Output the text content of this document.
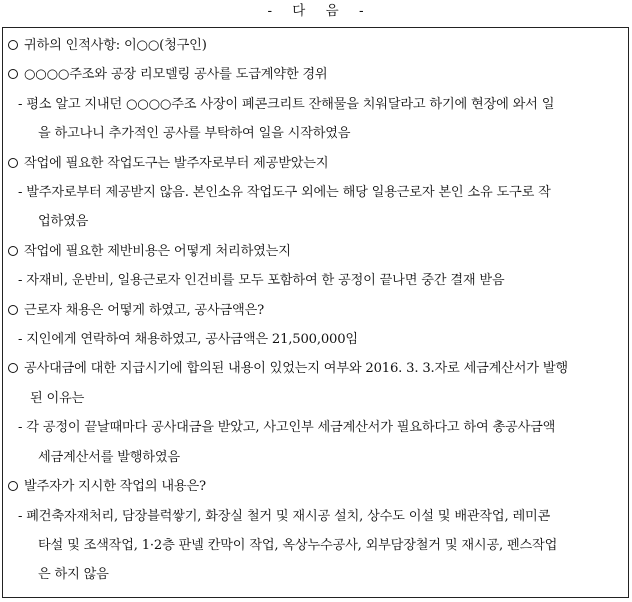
- 다 음 -
귀하의 인적사항: 이○○(청구인)
○○○○주조와 공장 리모델링 공사를 도급계약한 경위
- 평소 알고 지내던 ○○○○주조 사장이 폐콘크리트 잔해물을 치워달라고 하기에 현장에 와서 일
을 하고나니 추가적인 공사를 부탁하여 일을 시작하였음
작업에 필요한 작업도구는 발주자로부터 제공받았는지
- 발주자로부터 제공받지 않음. 본인소유 작업도구 외에는 해당 일용근로자 본인 소유 도구로 작
업하였음
작업에 필요한 제반비용은 어떻게 처리하였는지
- 자재비, 운반비, 일용근로자 인건비를 모두 포함하여 한 공정이 끝나면 중간 결재 받음
근로자 채용은 어떻게 하였고, 공사금액은?
- 지인에게 연락하여 채용하였고, 공사금액은 21,500,000임
공사대금에 대한 지급시기에 합의된 내용이 있었는지 여부와 2016. 3. 3.자로 세금계산서가 발행
된 이유는
- 각 공정이 끝날때마다 공사대금을 받았고, 사고인부 세금계산서가 필요하다고 하여 총공사금액
세금계산서를 발행하였음
발주자가 지시한 작업의 내용은?
- 폐건축자재처리, 담장블럭쌓기, 화장실 철거 및 재시공 설치, 상수도 이설 및 배관작업, 레미콘
타설 및 조색작업, 1·2층 판넬 칸막이 작업, 옥상누수공사, 외부담장철거 및 재시공, 펜스작업
은 하지 않음
